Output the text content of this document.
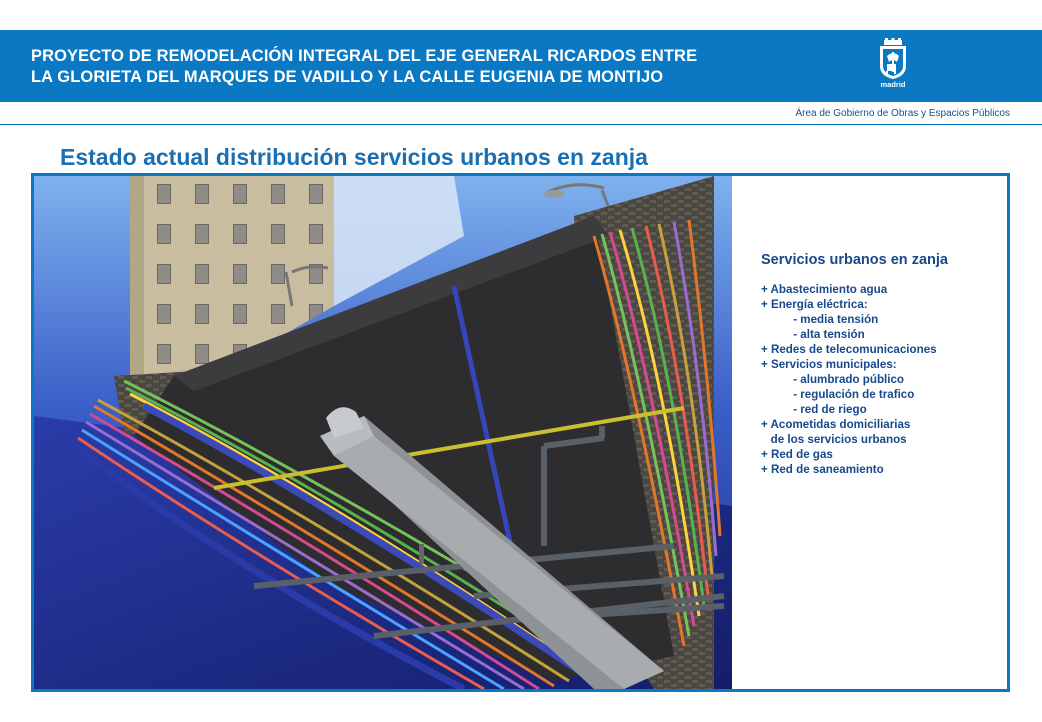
PROYECTO DE REMODELACIÓN INTEGRAL DEL EJE GENERAL RICARDOS ENTRE
LA GLORIETA DEL MARQUES DE VADILLO Y LA CALLE EUGENIA DE MONTIJO	madrid
Área de Gobierno de Obras y Espacios Públicos
Estado actual distribución servicios urbanos en zanja
Servicios urbanos en zanja
+ Abastecimiento agua
+ Energía eléctrica:
- media tensión
- alta tensión
+ Redes de telecomunicaciones
+ Servicios municipales:
- alumbrado público
- regulación de trafico
- red de riego
+ Acometidas domiciliarias
de los servicios urbanos
+ Red de gas
+ Red de saneamiento
